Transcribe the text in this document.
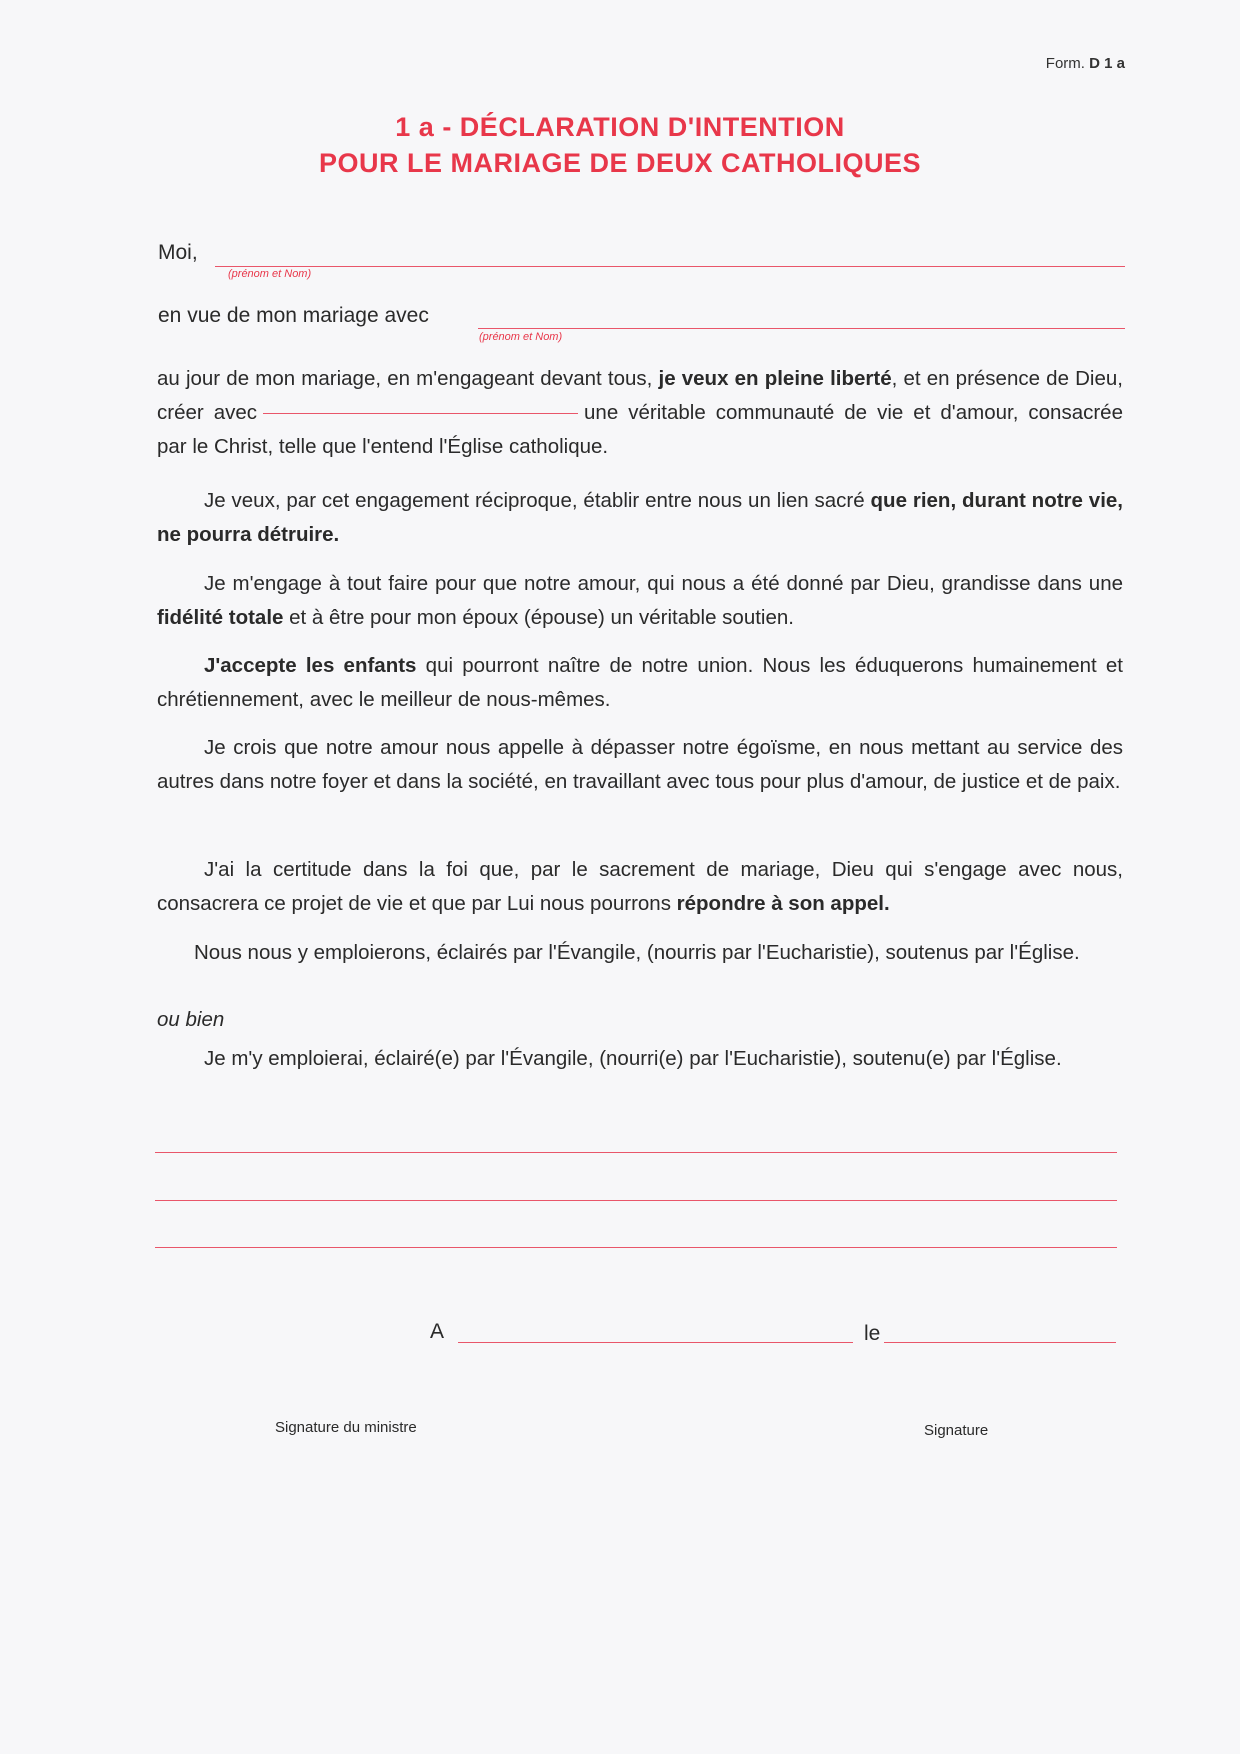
Form. D 1 a
1 a - DÉCLARATION D'INTENTION
POUR LE MARIAGE DE DEUX CATHOLIQUES
Moi,
(prénom et Nom)
en vue de mon mariage avec
(prénom et Nom)
au jour de mon mariage, en m'engageant devant tous, je veux en pleine liberté, et en présence de Dieu, créer avec	une véritable communauté de vie et d'amour, consacrée par le Christ, telle que l'entend l'Église catholique.
Je veux, par cet engagement réciproque, établir entre nous un lien sacré que rien, durant notre vie, ne pourra détruire.
Je m'engage à tout faire pour que notre amour, qui nous a été donné par Dieu, grandisse dans une fidélité totale et à être pour mon époux (épouse) un véritable soutien.
J'accepte les enfants qui pourront naître de notre union. Nous les éduquerons humainement et chrétiennement, avec le meilleur de nous-mêmes.
Je crois que notre amour nous appelle à dépasser notre égoïsme, en nous mettant au service des autres dans notre foyer et dans la société, en travaillant avec tous pour plus d'amour, de justice et de paix.
J'ai la certitude dans la foi que, par le sacrement de mariage, Dieu qui s'engage avec nous, consacrera ce projet de vie et que par Lui nous pourrons répondre à son appel.
Nous nous y emploierons, éclairés par l'Évangile, (nourris par l'Eucharistie), soutenus par l'Église.
ou bien
Je m'y emploierai, éclairé(e) par l'Évangile, (nourri(e) par l'Eucharistie), soutenu(e) par l'Église.
A	le
Signature du ministre	Signature
